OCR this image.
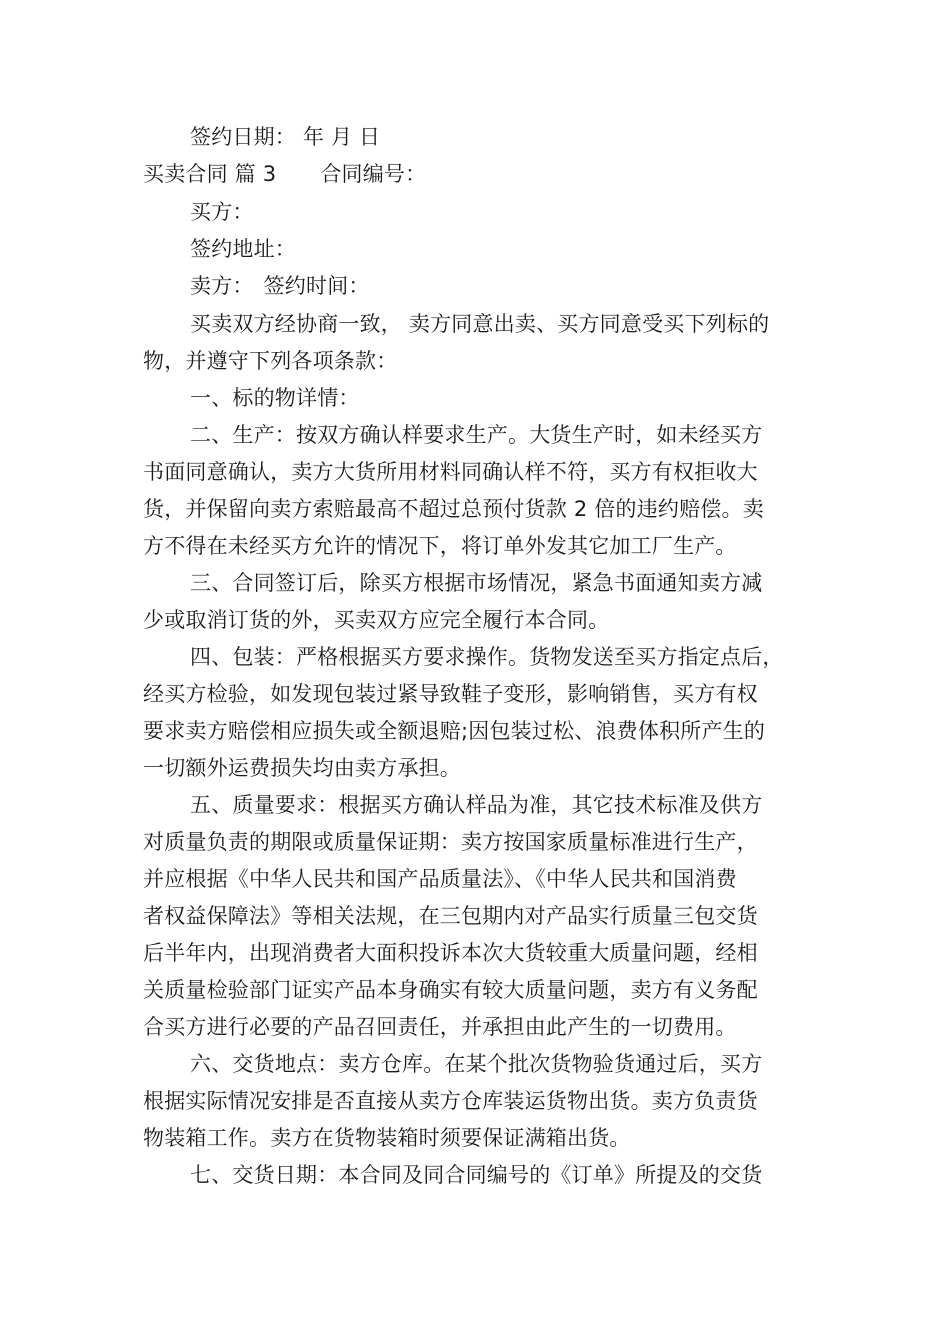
签约日期： 年 月 日
买卖合同 篇 3 合同编号：
买方：
签约地址：
卖方： 签约时间：
买卖双方经协商一致， 卖方同意出卖、买方同意受买下列标的
物，并遵守下列各项条款：
一、标的物详情：
二、生产：按双方确认样要求生产。大货生产时，如未经买方
书面同意确认，卖方大货所用材料同确认样不符，买方有权拒收大
货，并保留向卖方索赔最高不超过总预付货款 2 倍的违约赔偿。卖
方不得在未经买方允许的情况下，将订单外发其它加工厂生产。
三、合同签订后，除买方根据市场情况，紧急书面通知卖方减
少或取消订货的外，买卖双方应完全履行本合同。
四、包装：严格根据买方要求操作。货物发送至买方指定点后，
经买方检验，如发现包装过紧导致鞋子变形，影响销售，买方有权
要求卖方赔偿相应损失或全额退赔;因包装过松、浪费体积所产生的
一切额外运费损失均由卖方承担。
五、质量要求：根据买方确认样品为准，其它技术标准及供方
对质量负责的期限或质量保证期：卖方按国家质量标准进行生产，
并应根据《中华人民共和国产品质量法》、《中华人民共和国消费
者权益保障法》等相关法规，在三包期内对产品实行质量三包交货
后半年内，出现消费者大面积投诉本次大货较重大质量问题，经相
关质量检验部门证实产品本身确实有较大质量问题，卖方有义务配
合买方进行必要的产品召回责任，并承担由此产生的一切费用。
六、交货地点：卖方仓库。在某个批次货物验货通过后，买方
根据实际情况安排是否直接从卖方仓库装运货物出货。卖方负责货
物装箱工作。卖方在货物装箱时须要保证满箱出货。
七、交货日期：本合同及同合同编号的《订单》所提及的交货
